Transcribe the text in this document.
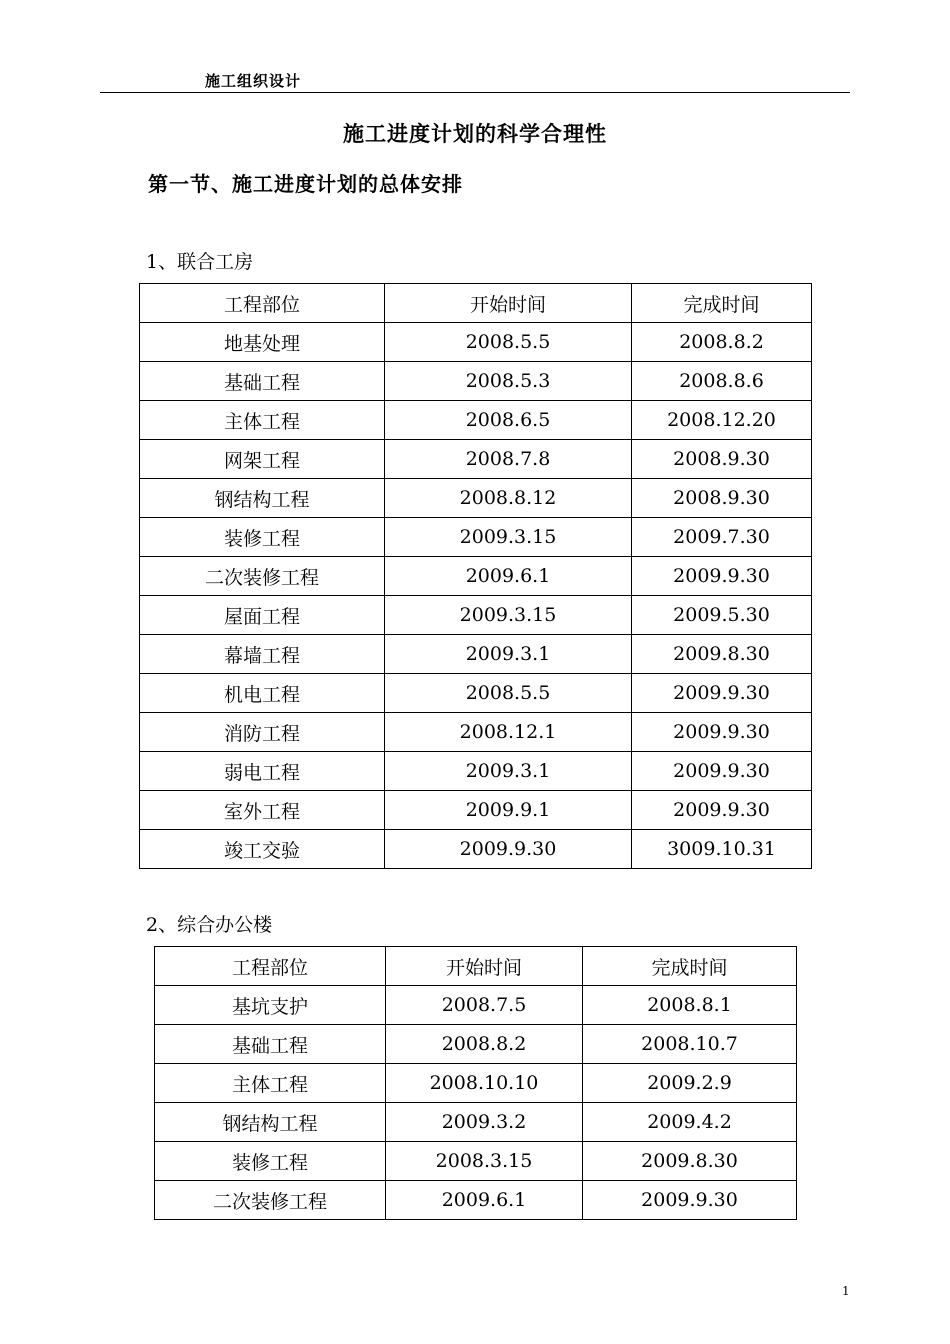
施工组织设计
施工进度计划的科学合理性
第一节、施工进度计划的总体安排
1、联合工房
工程部位	开始时间	完成时间
地基处理	2008.5.5	2008.8.2
基础工程	2008.5.3	2008.8.6
主体工程	2008.6.5	2008.12.20
网架工程	2008.7.8	2008.9.30
钢结构工程	2008.8.12	2008.9.30
装修工程	2009.3.15	2009.7.30
二次装修工程	2009.6.1	2009.9.30
屋面工程	2009.3.15	2009.5.30
幕墙工程	2009.3.1	2009.8.30
机电工程	2008.5.5	2009.9.30
消防工程	2008.12.1	2009.9.30
弱电工程	2009.3.1	2009.9.30
室外工程	2009.9.1	2009.9.30
竣工交验	2009.9.30	3009.10.31
2、综合办公楼
工程部位	开始时间	完成时间
基坑支护	2008.7.5	2008.8.1
基础工程	2008.8.2	2008.10.7
主体工程	2008.10.10	2009.2.9
钢结构工程	2009.3.2	2009.4.2
装修工程	2008.3.15	2009.8.30
二次装修工程	2009.6.1	2009.9.30
1
